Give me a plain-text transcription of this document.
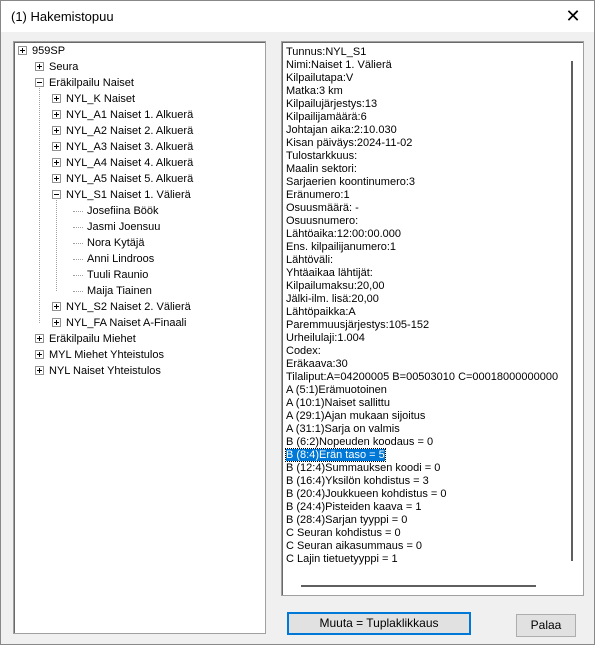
(1) Hakemistopuu	✕
959SP
Seura
Eräkilpailu Naiset
NYL_K Naiset
NYL_A1 Naiset 1. Alkuerä
NYL_A2 Naiset 2. Alkuerä
NYL_A3 Naiset 3. Alkuerä
NYL_A4 Naiset 4. Alkuerä
NYL_A5 Naiset 5. Alkuerä
NYL_S1 Naiset 1. Välierä
Josefiina Böök
Jasmi Joensuu
Nora Kytäjä
Anni Lindroos
Tuuli Raunio
Maija Tiainen
NYL_S2 Naiset 2. Välierä
NYL_FA Naiset A-Finaali
Eräkilpailu Miehet
MYL Miehet Yhteistulos
NYL Naiset Yhteistulos
C Lajin tietuetyyppi = 1
C Seuran aikasummaus = 0
C Seuran kohdistus = 0
B (28:4)Sarjan tyyppi = 0
B (24:4)Pisteiden kaava = 1
B (20:4)Joukkueen kohdistus = 0
B (16:4)Yksilön kohdistus = 3
B (12:4)Summauksen koodi = 0
B (8:4)Erän taso = 5
B (6:2)Nopeuden koodaus = 0
A (31:1)Sarja on valmis
A (29:1)Ajan mukaan sijoitus
A (10:1)Naiset sallittu
A (5:1)Erämuotoinen
Tilaliput:A=04200005 B=00503010 C=00018000000000
Eräkaava:30
Codex:
Urheilulaji:1.004
Paremmuusjärjestys:105-152
Lähtöpaikka:A
Jälki-ilm. lisä:20,00
Kilpailumaksu:20,00
Yhtäaikaa lähtijät:
Lähtöväli:
Ens. kilpailijanumero:1
Lähtöaika:12:00:00.000
Osuusnumero:
Osuusmäärä: -
Eränumero:1
Sarjaerien koontinumero:3
Maalin sektori:
Tulostarkkuus:
Kisan päiväys:2024-11-02
Johtajan aika:2:10.030
Kilpailijamäärä:6
Kilpailujärjestys:13
Matka:3 km
Kilpailutapa:V
Nimi:Naiset 1. Välierä
Tunnus:NYL_S1
Muuta = Tuplaklikkaus	Palaa
